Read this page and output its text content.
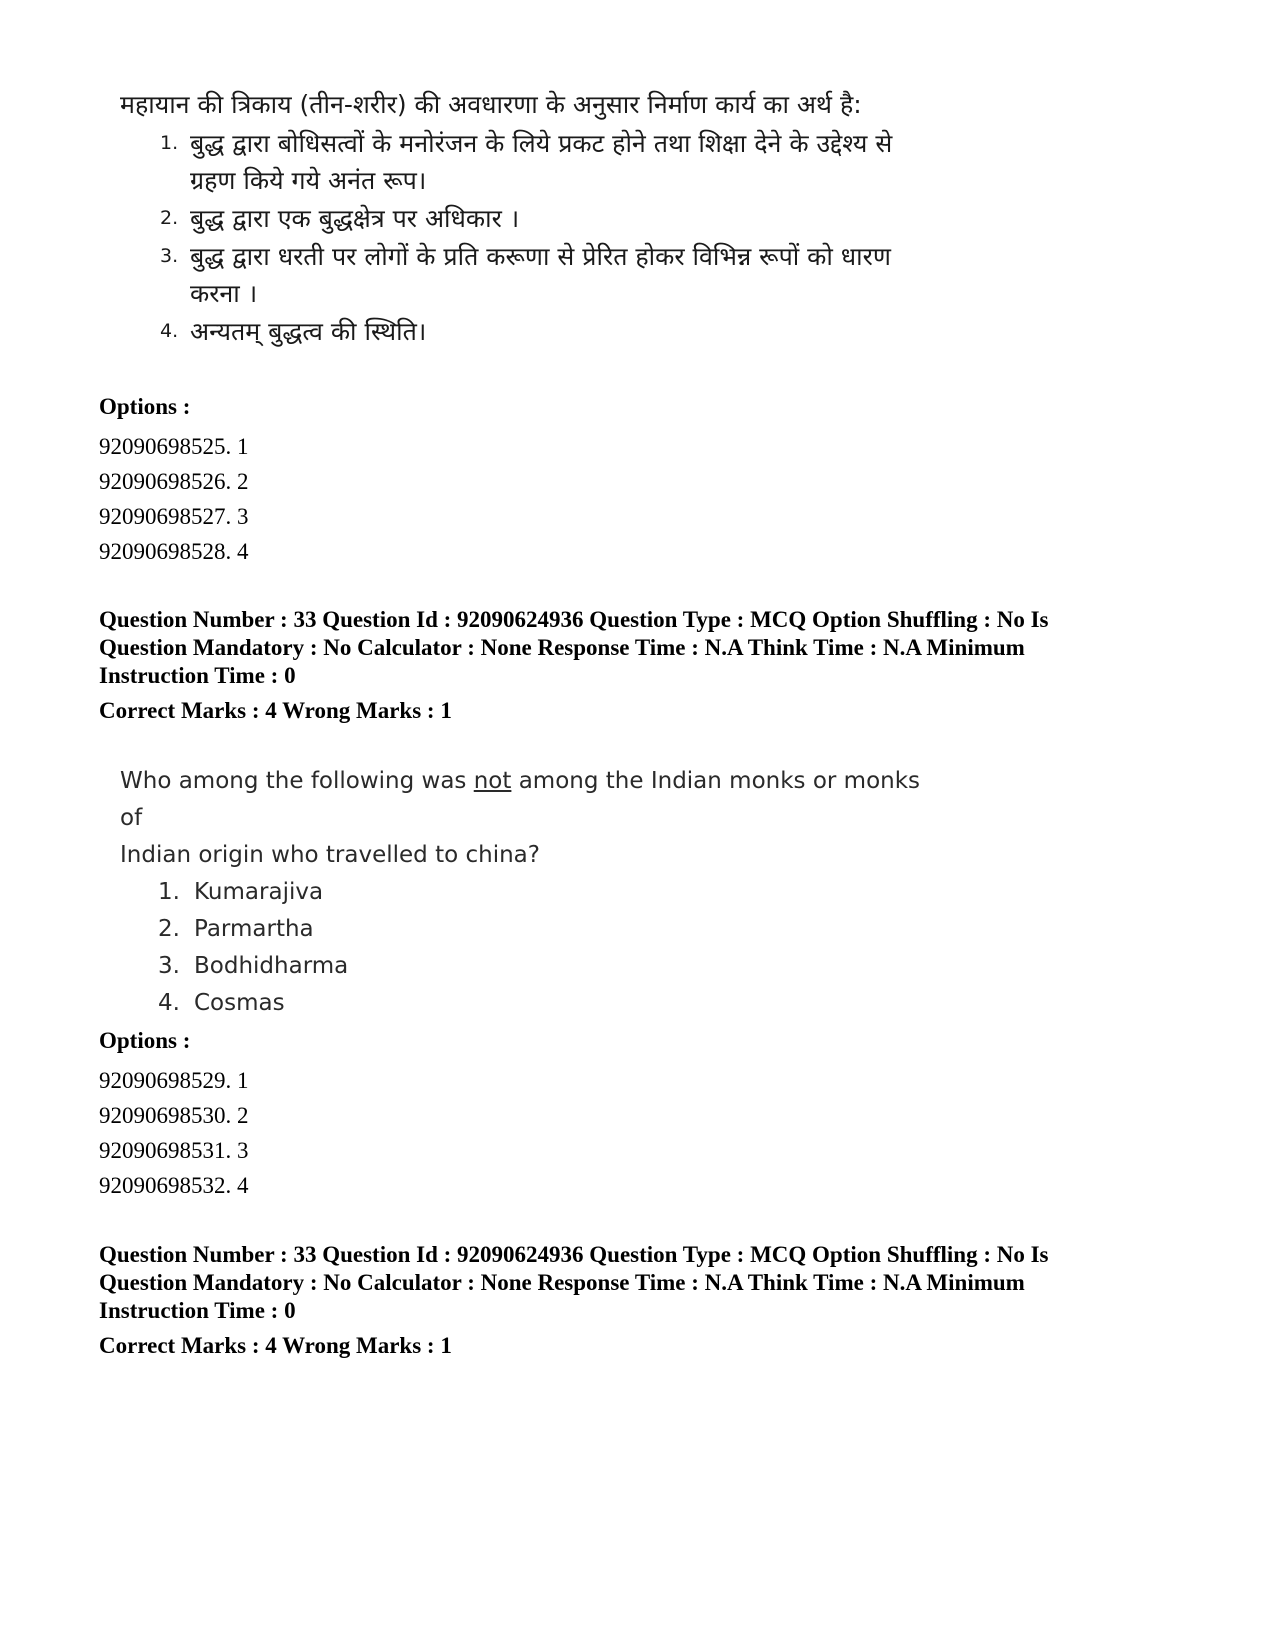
महायान की त्रिकाय (तीन-शरीर) की अवधारणा के अनुसार निर्माण कार्य का अर्थ है:
1. बुद्ध द्वारा बोधिसत्वों के मनोरंजन के लिये प्रकट होने तथा शिक्षा देने के उद्देश्य से ग्रहण किये गये अनंत रूप।
2. बुद्ध द्वारा एक बुद्धक्षेत्र पर अधिकार ।
3. बुद्ध द्वारा धरती पर लोगों के प्रति करूणा से प्रेरित होकर विभिन्न रूपों को धारण करना ।
4. अन्यतम् बुद्धत्व की स्थिति।
Options :
92090698525. 1
92090698526. 2
92090698527. 3
92090698528. 4
Question Number : 33 Question Id : 92090624936 Question Type : MCQ Option Shuffling : No Is
Question Mandatory : No Calculator : None Response Time : N.A Think Time : N.A Minimum
Instruction Time : 0
Correct Marks : 4 Wrong Marks : 1
Who among the following was not among the Indian monks or monks of
Indian origin who travelled to china?
1. Kumarajiva
2. Parmartha
3. Bodhidharma
4. Cosmas
Options :
92090698529. 1
92090698530. 2
92090698531. 3
92090698532. 4
Question Number : 33 Question Id : 92090624936 Question Type : MCQ Option Shuffling : No Is
Question Mandatory : No Calculator : None Response Time : N.A Think Time : N.A Minimum
Instruction Time : 0
Correct Marks : 4 Wrong Marks : 1
